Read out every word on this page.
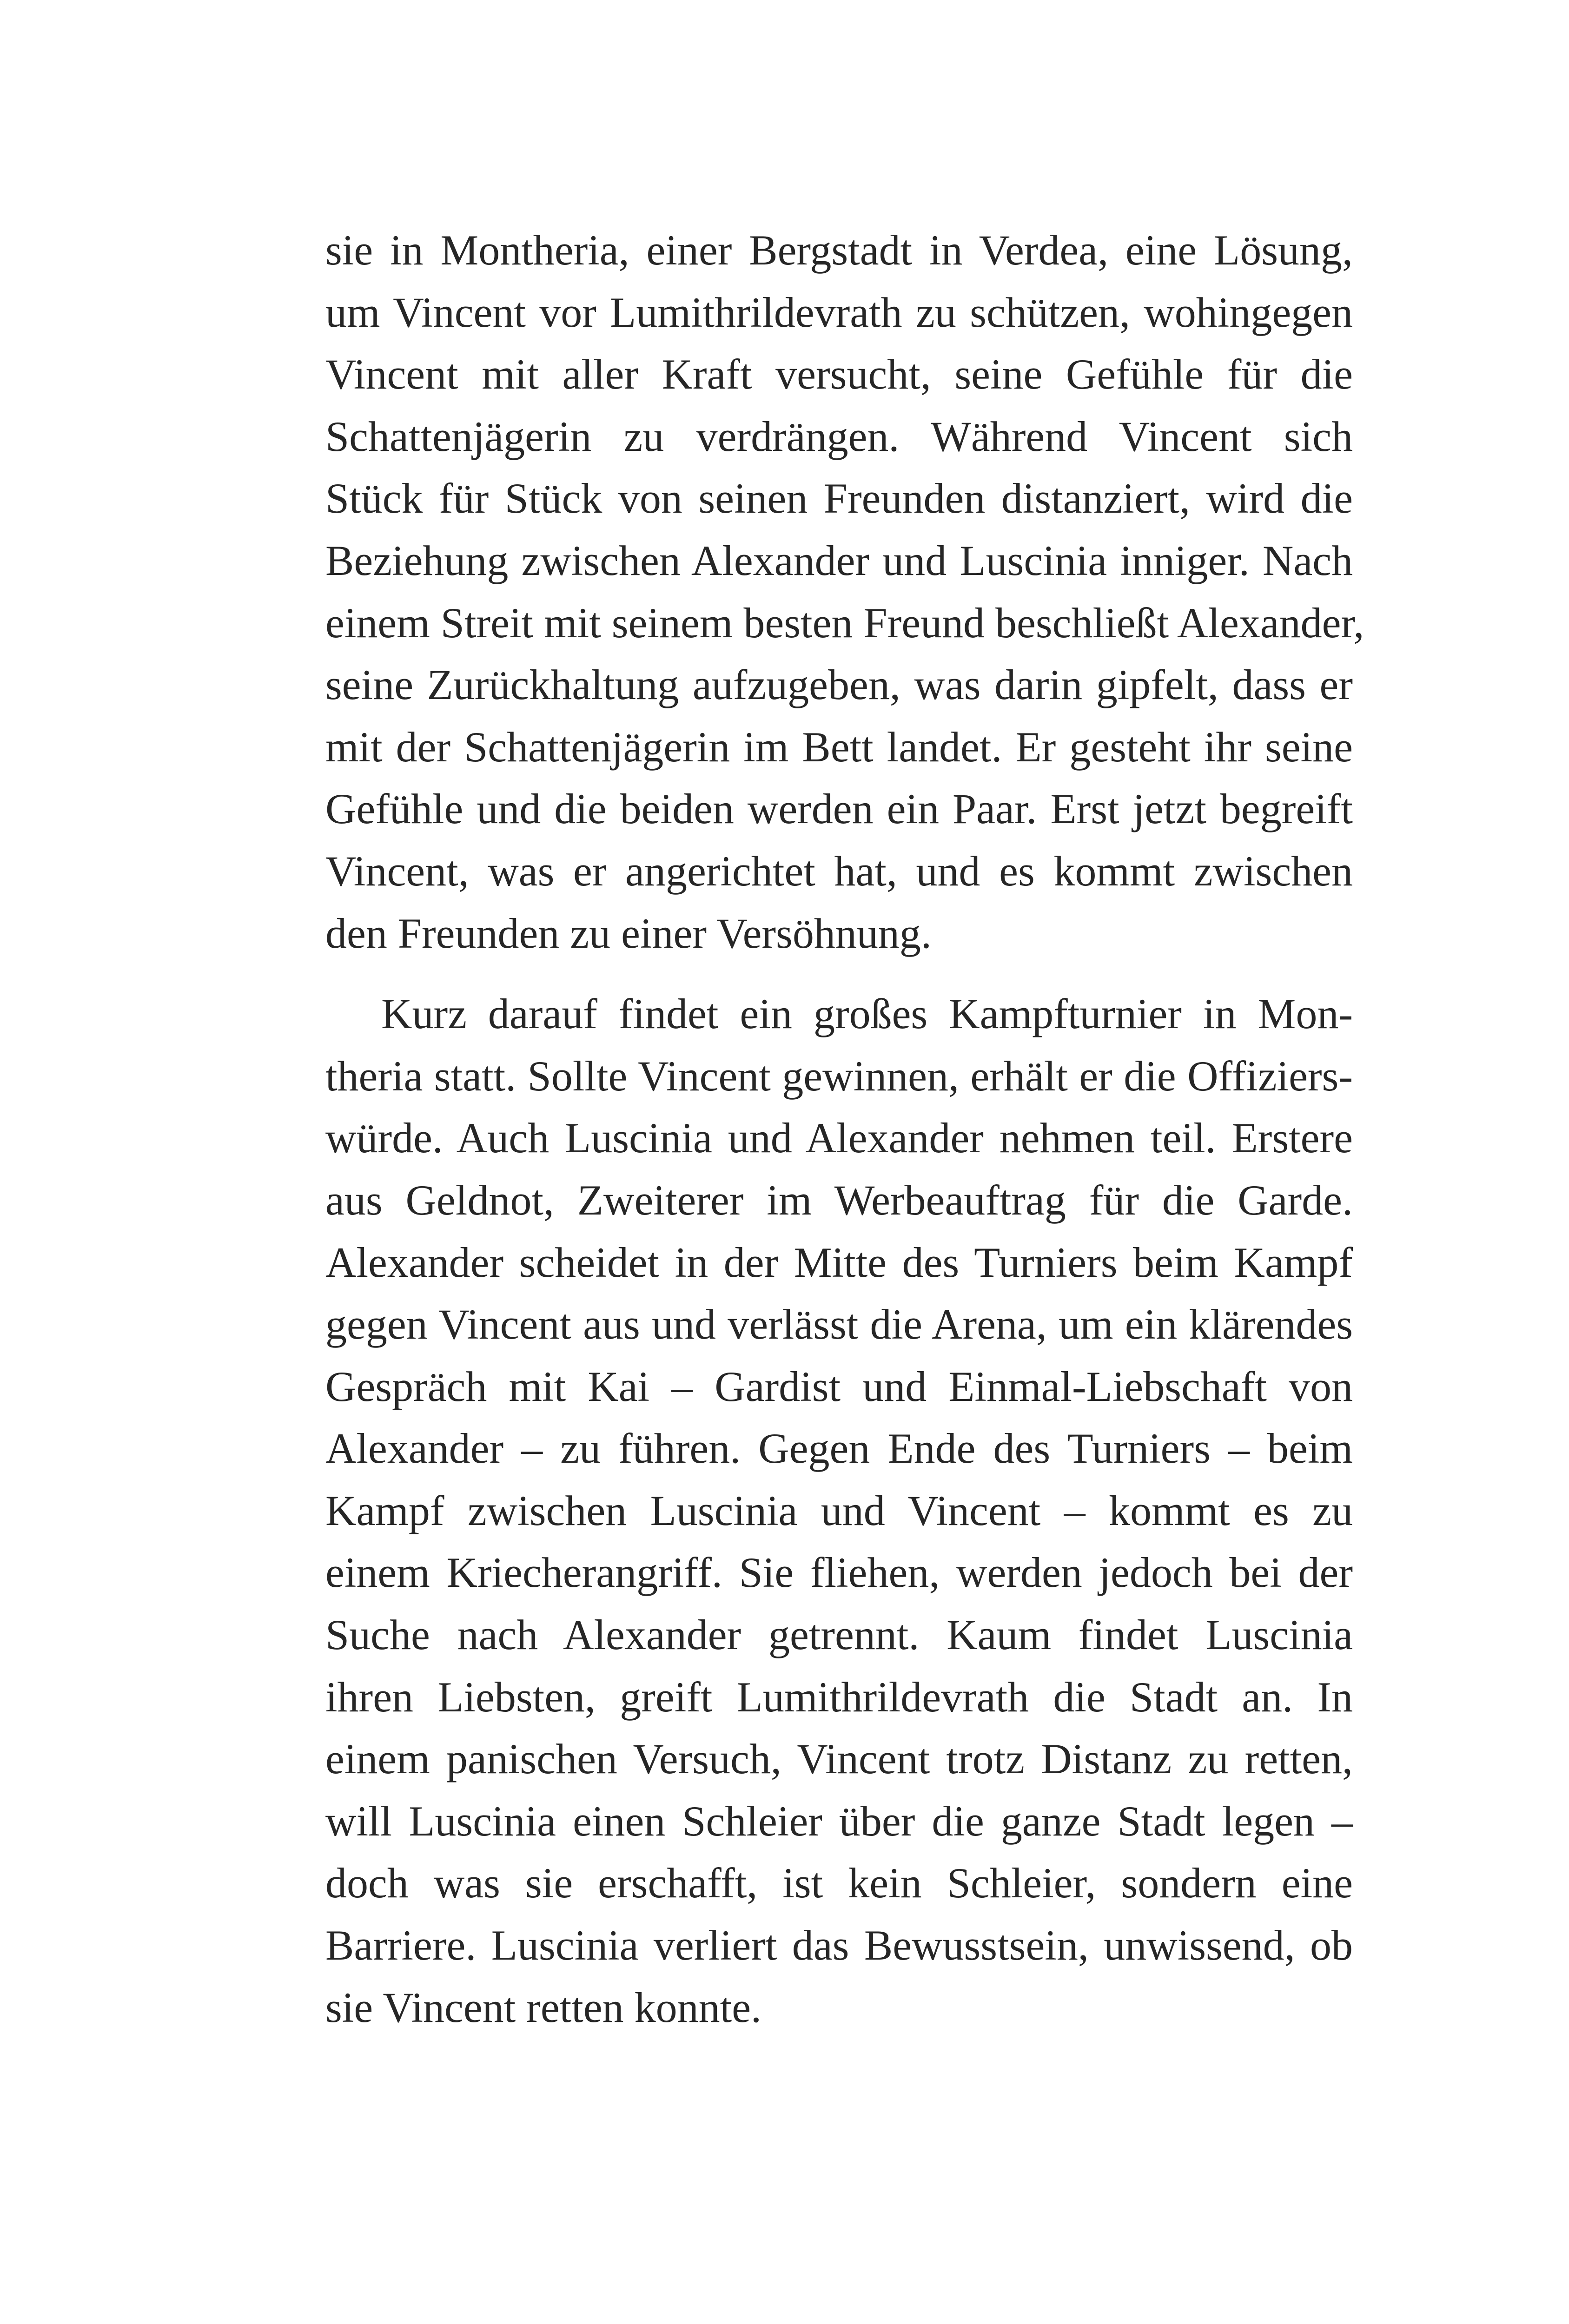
sie in Montheria, einer Bergstadt in Verdea, eine Lösung,
um Vincent vor Lumithrildevrath zu schützen, wohingegen
Vincent mit aller Kraft versucht, seine Gefühle für die
Schattenjägerin zu verdrängen. Während Vincent sich
Stück für Stück von seinen Freunden distanziert, wird die
Beziehung zwischen Alexander und Luscinia inniger. Nach
einem Streit mit seinem besten Freund beschließt Alexander,
seine Zurückhaltung aufzugeben, was darin gipfelt, dass er
mit der Schattenjägerin im Bett landet. Er gesteht ihr seine
Gefühle und die beiden werden ein Paar. Erst jetzt begreift
Vincent, was er angerichtet hat, und es kommt zwischen
den Freunden zu einer Versöhnung.
Kurz darauf findet ein großes Kampfturnier in Mon-
theria statt. Sollte Vincent gewinnen, erhält er die Offiziers-
würde. Auch Luscinia und Alexander nehmen teil. Erstere
aus Geldnot, Zweiterer im Werbeauftrag für die Garde.
Alexander scheidet in der Mitte des Turniers beim Kampf
gegen Vincent aus und verlässt die Arena, um ein klärendes
Gespräch mit Kai – Gardist und Einmal-Liebschaft von
Alexander – zu führen. Gegen Ende des Turniers – beim
Kampf zwischen Luscinia und Vincent – kommt es zu
einem Kriecherangriff. Sie fliehen, werden jedoch bei der
Suche nach Alexander getrennt. Kaum findet Luscinia
ihren Liebsten, greift Lumithrildevrath die Stadt an. In
einem panischen Versuch, Vincent trotz Distanz zu retten,
will Luscinia einen Schleier über die ganze Stadt legen –
doch was sie erschafft, ist kein Schleier, sondern eine
Barriere. Luscinia verliert das Bewusstsein, unwissend, ob
sie Vincent retten konnte.
